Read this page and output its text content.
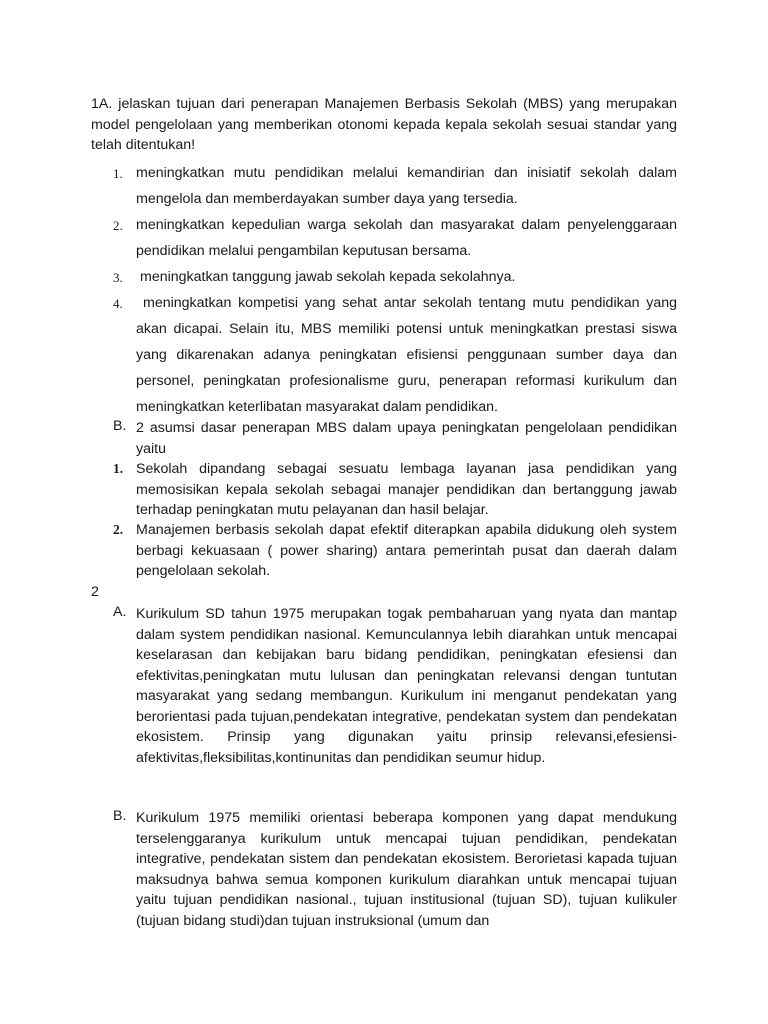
1A. jelaskan tujuan dari penerapan Manajemen Berbasis Sekolah (MBS) yang merupakan model pengelolaan yang memberikan otonomi kepada kepala sekolah sesuai standar yang telah ditentukan!

1. meningkatkan mutu pendidikan melalui kemandirian dan inisiatif sekolah dalam mengelola dan memberdayakan sumber daya yang tersedia.

2. meningkatkan kepedulian warga sekolah dan masyarakat dalam penyelenggaraan pendidikan melalui pengambilan keputusan bersama.

3. meningkatkan tanggung jawab sekolah kepada sekolahnya.

4.	meningkatkan kompetisi yang sehat antar sekolah tentang mutu pendidikan yang akan dicapai. Selain itu, MBS memiliki potensi untuk meningkatkan prestasi siswa yang dikarenakan adanya peningkatan efisiensi penggunaan sumber daya dan personel, peningkatan profesionalisme guru, penerapan reformasi kurikulum dan meningkatkan keterlibatan masyarakat dalam pendidikan.

B. 2 asumsi dasar penerapan MBS dalam upaya peningkatan pengelolaan pendidikan yaitu

1. Sekolah dipandang sebagai sesuatu lembaga layanan jasa pendidikan yang memosisikan kepala sekolah sebagai manajer pendidikan dan bertanggung jawab terhadap peningkatan mutu pelayanan dan hasil belajar.

2. Manajemen berbasis sekolah dapat efektif diterapkan apabila didukung oleh system berbagi kekuasaan ( power sharing) antara pemerintah pusat dan daerah dalam pengelolaan sekolah.

2
A. Kurikulum SD tahun 1975 merupakan togak pembaharuan yang nyata dan mantap dalam system pendidikan nasional. Kemunculannya lebih diarahkan untuk mencapai keselarasan dan kebijakan baru bidang pendidikan, peningkatan efesiensi dan efektivitas,peningkatan mutu lulusan dan peningkatan relevansi dengan tuntutan masyarakat yang sedang membangun. Kurikulum ini menganut pendekatan yang berorientasi pada tujuan,pendekatan integrative, pendekatan system dan pendekatan ekosistem. Prinsip yang digunakan yaitu prinsip relevansi,efesiensi-afektivitas,fleksibilitas,kontinunitas dan pendidikan seumur hidup.

B. Kurikulum 1975 memiliki orientasi beberapa komponen yang dapat mendukung terselenggaranya kurikulum untuk mencapai tujuan pendidikan, pendekatan integrative, pendekatan sistem dan pendekatan ekosistem. Berorietasi kapada tujuan maksudnya bahwa semua komponen kurikulum diarahkan untuk mencapai tujuan yaitu tujuan pendidikan nasional., tujuan institusional (tujuan SD), tujuan kulikuler (tujuan bidang studi)dan tujuan instruksional (umum dan
